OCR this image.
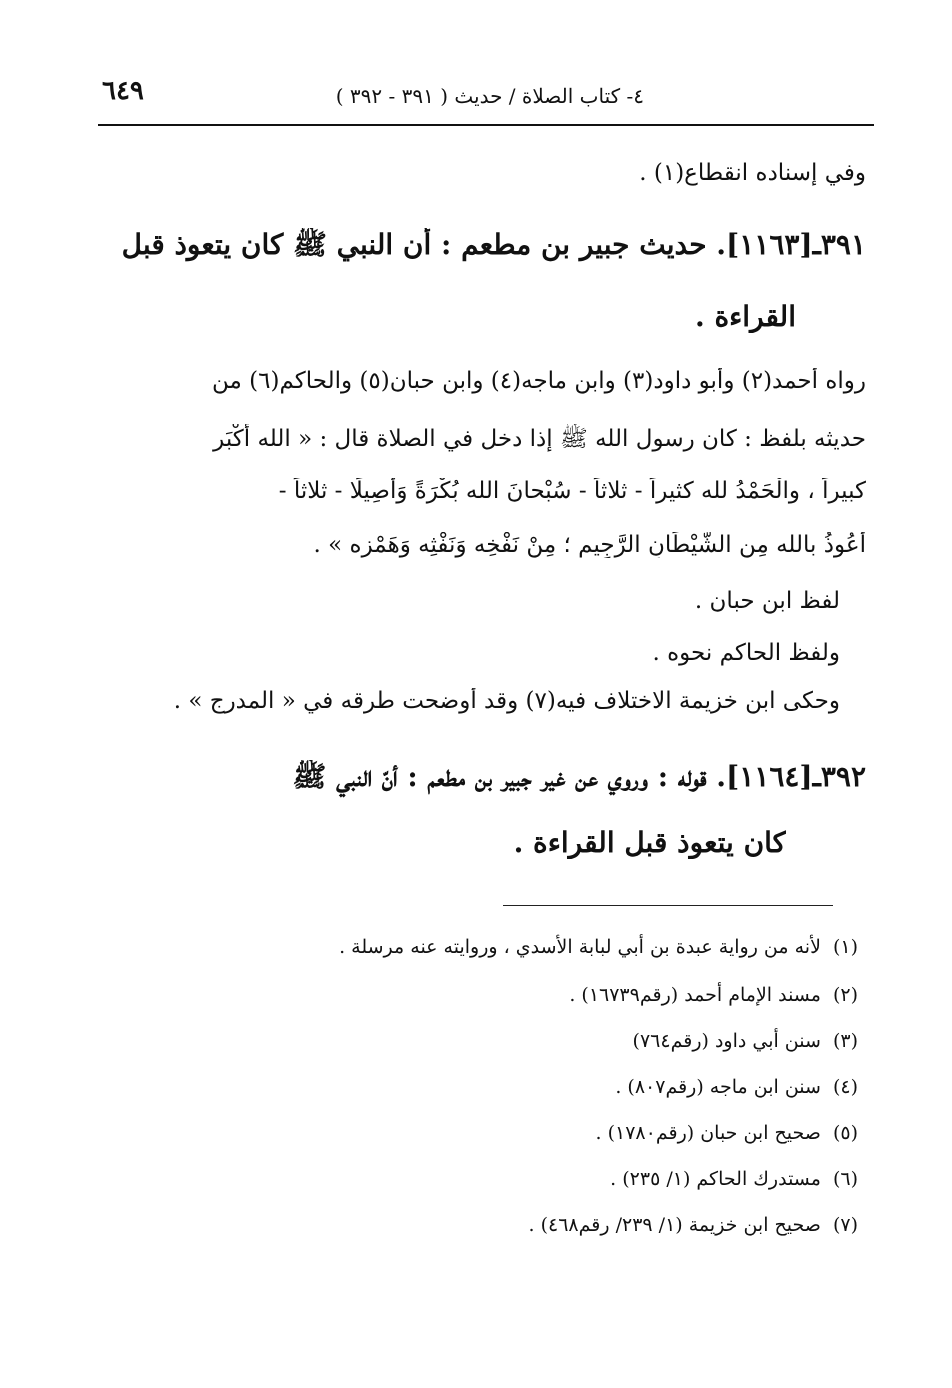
٤- كتاب الصلاة / حديث ( ٣٩١ - ٣٩٢ )
٦٤٩
وفي إسناده انقطاع(١) .
٣٩١ـ[١١٦٣]. حديث جبير بن مطعم : أن النبي ﷺ كان يتعوذ قبل
القراءة .
رواه أحمد(٢) وأبو داود(٣) وابن ماجه(٤) وابن حبان(٥) والحاكم(٦) من
حديثه بلفظ : كان رسول الله ﷺ إذا دخل في الصلاة قال : « الله أَكْبَر
كبيراً ، والْحَمْدُ لله كثيراً - ثلاثاً - سُبْحانَ الله بُكْرَةً وَأَصِيلًا - ثلاثاً -
أَعُوذُ بالله مِن الشَّيْطَانِ الرَّجِيم ؛ مِنْ نَفْخِه وَنَفْثِه وَهَمْزِه » .
لفظ ابن حبان .
ولفظ الحاكم نحوه .
وحكى ابن خزيمة الاختلاف فيه(٧) وقد أوضحت طرقه في « المدرج » .
٣٩٢ـ[١١٦٤]. قوله : وروي عن غير جبير بن مطعم : أنّ النبي ﷺ
كان يتعوذ قبل القراءة .
(١)لأنه من رواية عبدة بن أبي لبابة الأسدي ، وروايته عنه مرسلة .
(٢)مسند الإمام أحمد (رقم١٦٧٣٩) .
(٣)سنن أبي داود (رقم٧٦٤)
(٤)سنن ابن ماجه (رقم٨٠٧) .
(٥)صحيح ابن حبان (رقم١٧٨٠) .
(٦)مستدرك الحاكم (١/ ٢٣٥) .
(٧)صحيح ابن خزيمة (١/ ٢٣٩/ رقم٤٦٨) .
